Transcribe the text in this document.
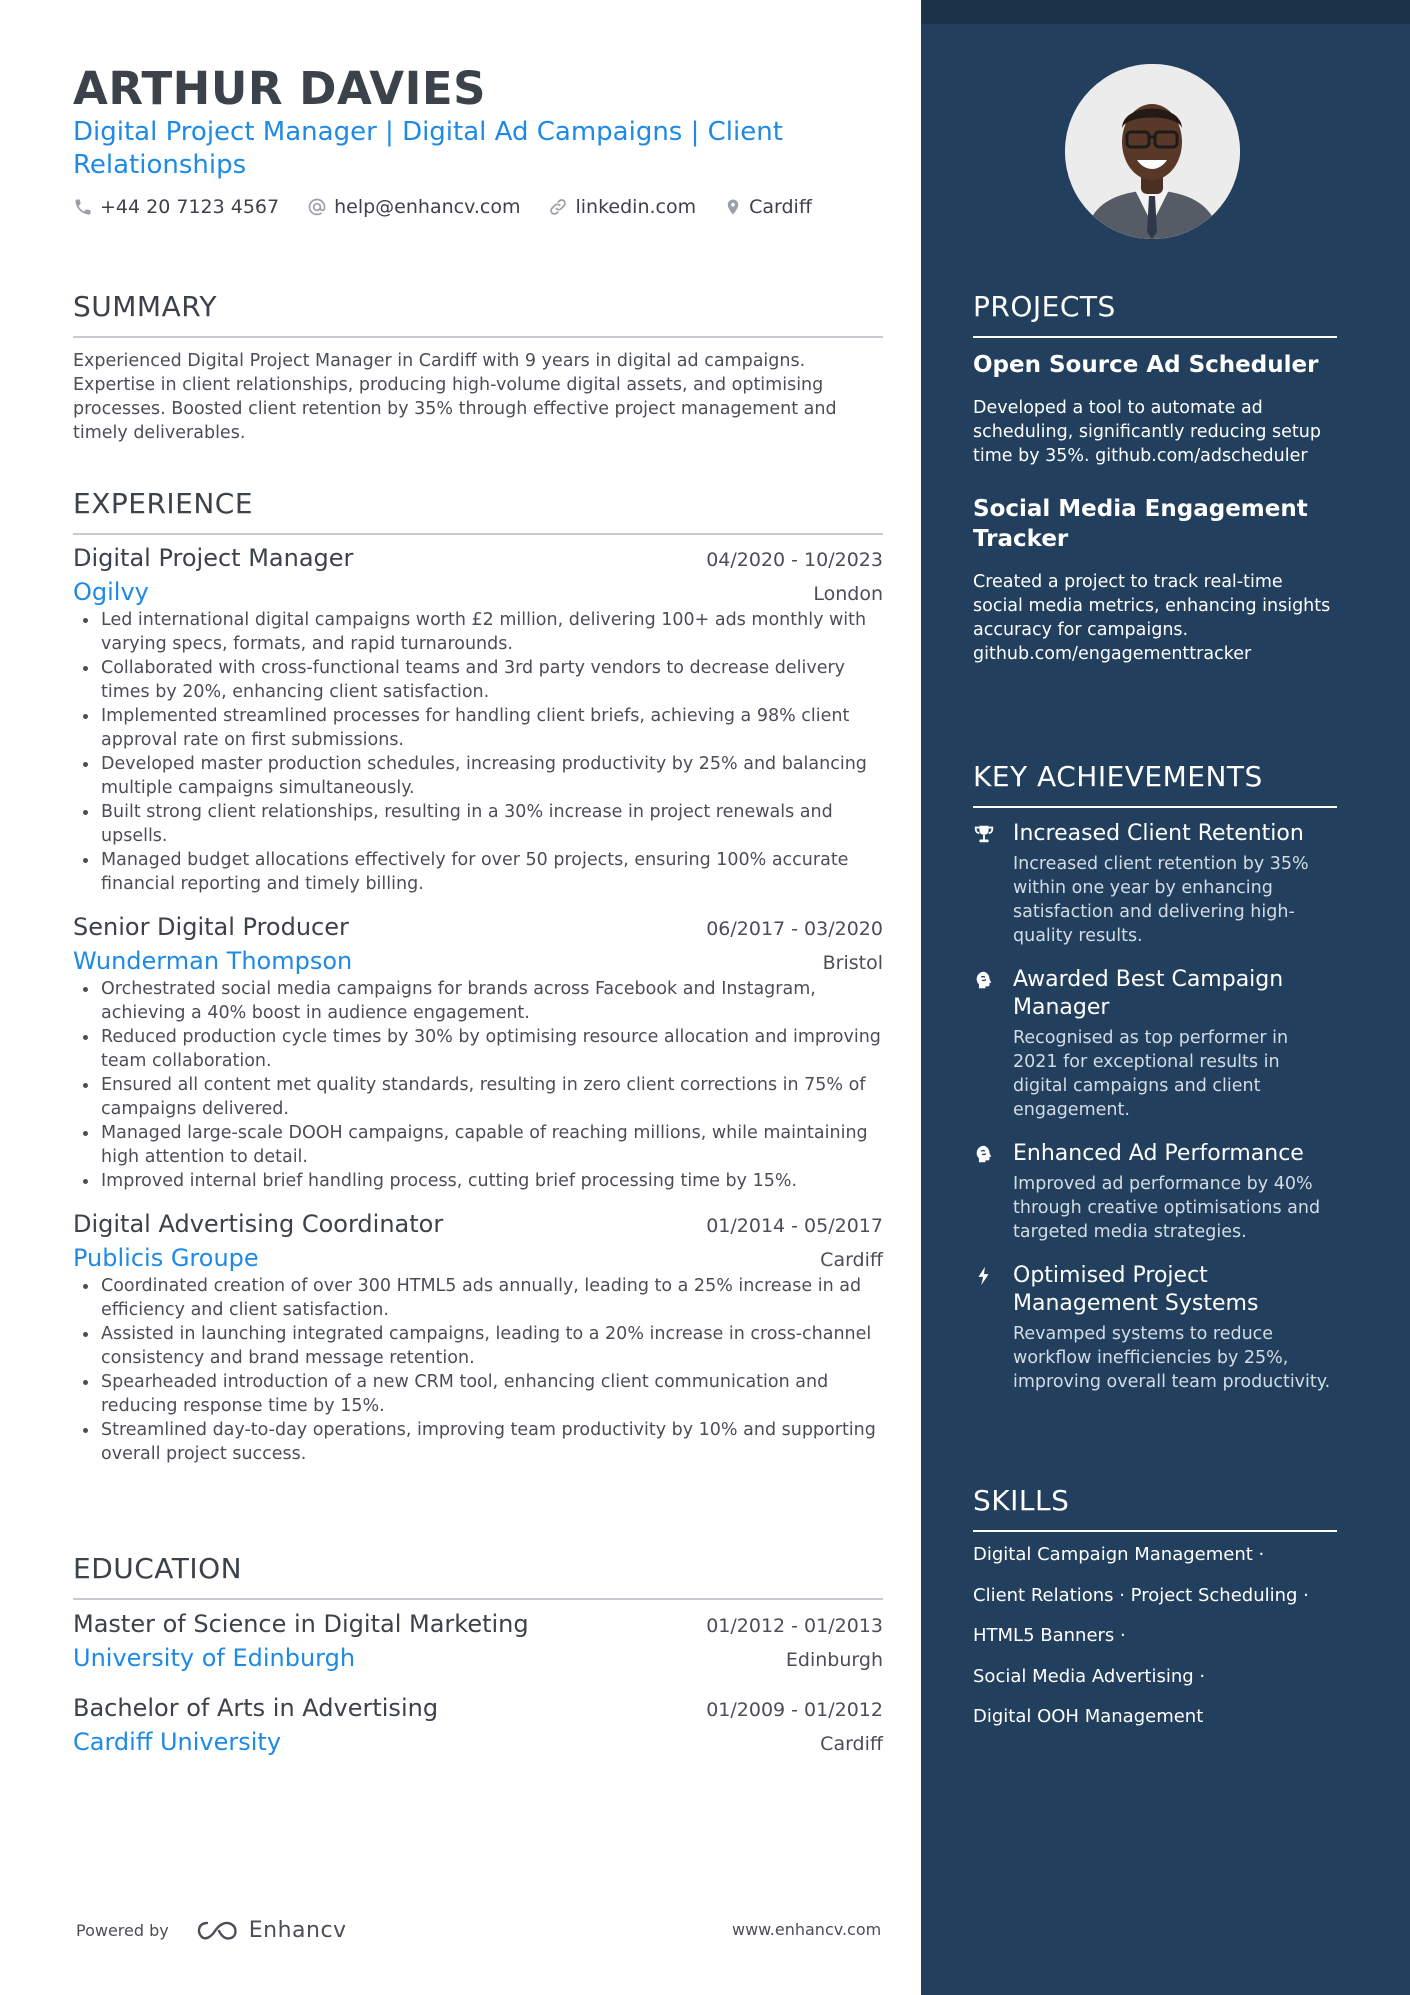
ARTHUR DAVIES
Digital Project Manager | Digital Ad Campaigns | Client Relationships
+44 20 7123 4567	help@enhancv.com	linkedin.com	Cardiff
SUMMARY
Experienced Digital Project Manager in Cardiff with 9 years in digital ad campaigns. Expertise in client relationships, producing high-volume digital assets, and optimising processes. Boosted client retention by 35% through effective project management and timely deliverables.
EXPERIENCE
Digital Project Manager	04/2020 - 10/2023
Ogilvy	London
Led international digital campaigns worth £2 million, delivering 100+ ads monthly with varying specs, formats, and rapid turnarounds.
Collaborated with cross-functional teams and 3rd party vendors to decrease delivery times by 20%, enhancing client satisfaction.
Implemented streamlined processes for handling client briefs, achieving a 98% client approval rate on first submissions.
Developed master production schedules, increasing productivity by 25% and balancing multiple campaigns simultaneously.
Built strong client relationships, resulting in a 30% increase in project renewals and upsells.
Managed budget allocations effectively for over 50 projects, ensuring 100% accurate financial reporting and timely billing.
Senior Digital Producer	06/2017 - 03/2020
Wunderman Thompson	Bristol
Orchestrated social media campaigns for brands across Facebook and Instagram, achieving a 40% boost in audience engagement.
Reduced production cycle times by 30% by optimising resource allocation and improving team collaboration.
Ensured all content met quality standards, resulting in zero client corrections in 75% of campaigns delivered.
Managed large-scale DOOH campaigns, capable of reaching millions, while maintaining high attention to detail.
Improved internal brief handling process, cutting brief processing time by 15%.
Digital Advertising Coordinator	01/2014 - 05/2017
Publicis Groupe	Cardiff
Coordinated creation of over 300 HTML5 ads annually, leading to a 25% increase in ad efficiency and client satisfaction.
Assisted in launching integrated campaigns, leading to a 20% increase in cross-channel consistency and brand message retention.
Spearheaded introduction of a new CRM tool, enhancing client communication and reducing response time by 15%.
Streamlined day-to-day operations, improving team productivity by 10% and supporting overall project success.
EDUCATION
Master of Science in Digital Marketing	01/2012 - 01/2013
University of Edinburgh	Edinburgh
Bachelor of Arts in Advertising	01/2009 - 01/2012
Cardiff University	Cardiff
Powered by	Enhancv	www.enhancv.com
PROJECTS
Open Source Ad Scheduler
Developed a tool to automate ad scheduling, significantly reducing setup time by 35%. github.com/adscheduler
Social Media Engagement Tracker
Created a project to track real-time social media metrics, enhancing insights accuracy for campaigns. github.com/engagementtracker
KEY ACHIEVEMENTS
Increased Client Retention
Increased client retention by 35% within one year by enhancing satisfaction and delivering high-quality results.
Awarded Best Campaign Manager
Recognised as top performer in 2021 for exceptional results in digital campaigns and client engagement.
Enhanced Ad Performance
Improved ad performance by 40% through creative optimisations and targeted media strategies.
Optimised Project Management Systems
Revamped systems to reduce workflow inefficiencies by 25%, improving overall team productivity.
SKILLS
Digital Campaign Management ·
Client Relations · Project Scheduling ·
HTML5 Banners ·
Social Media Advertising ·
Digital OOH Management
